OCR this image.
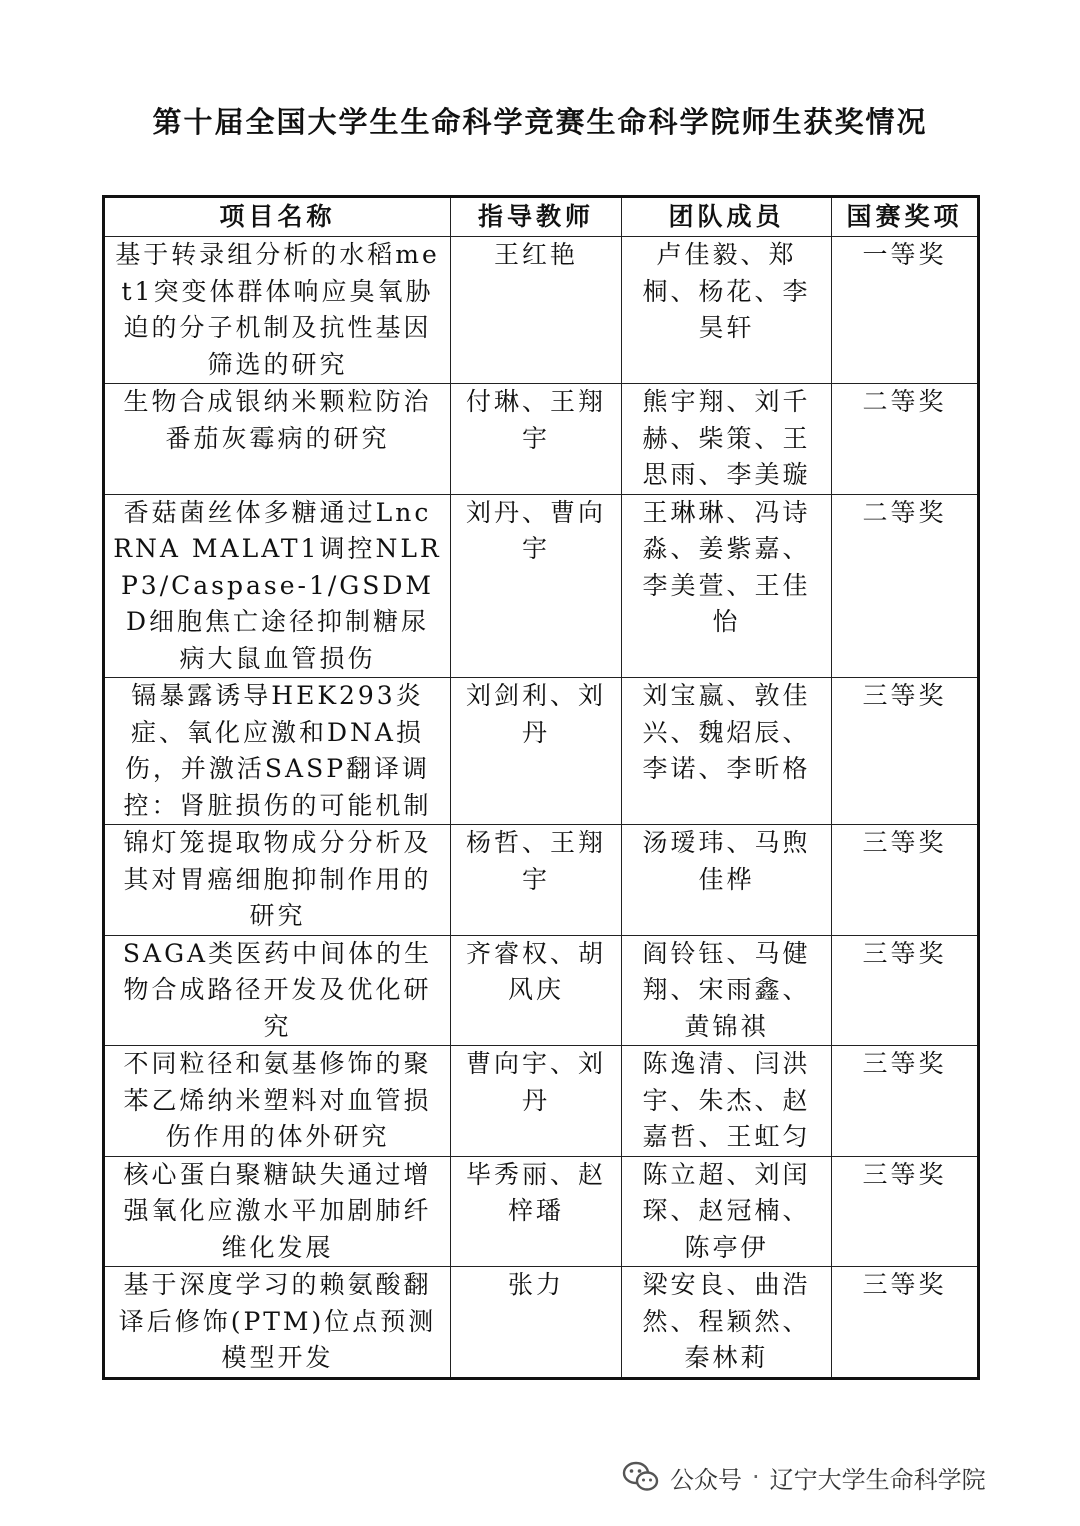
第十届全国大学生生命科学竞赛生命科学院师生获奖情况
项目名称	指导教师	团队成员	国赛奖项
基于转录组分析的水稻met1突变体群体响应臭氧胁迫的分子机制及抗性基因筛选的研究	王红艳	卢佳毅、郑桐、杨花、李昊轩	一等奖
生物合成银纳米颗粒防治番茄灰霉病的研究	付琳、王翔宇	熊宇翔、刘千赫、柴策、王思雨、李美璇	二等奖
香菇菌丝体多糖通过LncRNA MALAT1调控NLRP3/Caspase-1/GSDMD细胞焦亡途径抑制糖尿病大鼠血管损伤	刘丹、曹向宇	王琳琳、冯诗淼、姜紫嘉、李美萱、王佳怡	二等奖
镉暴露诱导HEK293炎症、氧化应激和DNA损伤，并激活SASP翻译调控：肾脏损伤的可能机制	刘剑利、刘丹	刘宝嬴、敦佳兴、魏炤辰、李诺、李昕格	三等奖
锦灯笼提取物成分分析及其对胃癌细胞抑制作用的研究	杨哲、王翔宇	汤瑷玮、马煦佳桦	三等奖
SAGA类医药中间体的生物合成路径开发及优化研究	齐睿权、胡风庆	阎铃钰、马健翔、宋雨鑫、黄锦祺	三等奖
不同粒径和氨基修饰的聚苯乙烯纳米塑料对血管损伤作用的体外研究	曹向宇、刘丹	陈逸清、闫洪宇、朱杰、赵嘉哲、王虹匀	三等奖
核心蛋白聚糖缺失通过增强氧化应激水平加剧肺纤维化发展	毕秀丽、赵梓璠	陈立超、刘闰琛、赵冠楠、陈亭伊	三等奖
基于深度学习的赖氨酸翻译后修饰(PTM)位点预测模型开发	张力	梁安良、曲浩然、程颖然、秦林莉	三等奖
公众号 · 辽宁大学生命科学院
